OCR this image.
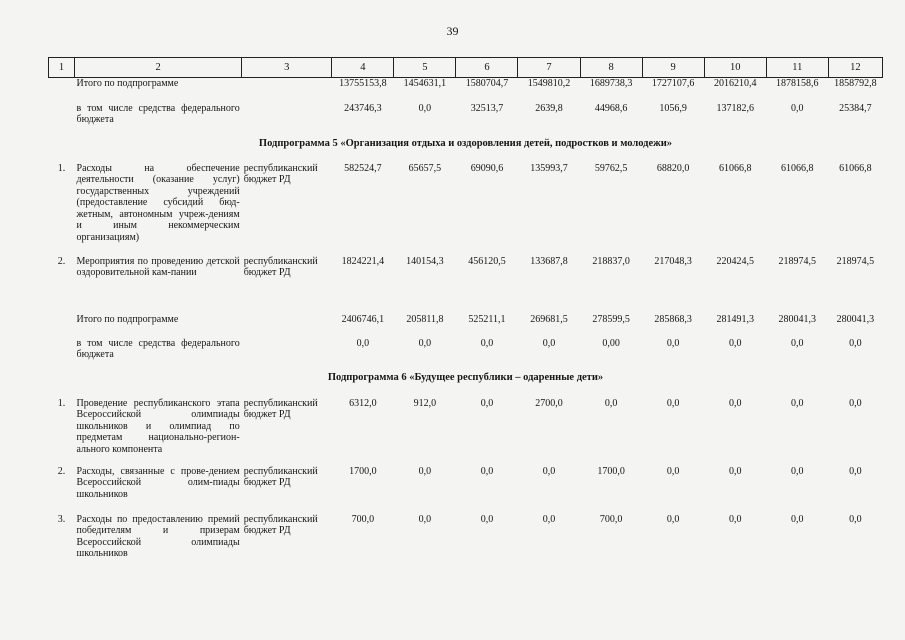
39
1	2	3	4	5	6	7	8	9	10	11	12
	Итого по подпрограмме		13755153,8	1454631,1	1580704,7	1549810,2	1689738,3	1727107,6	2016210,4	1878158,6	1858792,8
	в том числе средства федерального бюджета		243746,3	0,0	32513,7	2639,8	44968,6	1056,9	137182,6	0,0	25384,7
Подпрограмма 5 «Организация отдыха и оздоровления детей, подростков и молодежи»											
1.	Расходы на обеспечение деятельности (оказание услуг) государственных учреждений (предоставление субсидий бюд-жетным, автономным учреж-дениям и иным некоммерческим организациям)	республиканский бюджет РД	582524,7	65657,5	69090,6	135993,7	59762,5	68820,0	61066,8	61066,8	61066,8
2.	Мероприятия по проведению детской оздоровительной кам-пании	республиканский бюджет РД	1824221,4	140154,3	456120,5	133687,8	218837,0	217048,3	220424,5	218974,5	218974,5
	Итого по подпрограмме		2406746,1	205811,8	525211,1	269681,5	278599,5	285868,3	281491,3	280041,3	280041,3
	в том числе средства федерального бюджета		0,0	0,0	0,0	0,0	0,00	0,0	0,0	0,0	0,0
Подпрограмма 6 «Будущее республики – одаренные дети»											
1.	Проведение республиканского этапа Всероссийской олимпиады школьников и олимпиад по предметам национально-регион-ального компонента	республиканский бюджет РД	6312,0	912,0	0,0	2700,0	0,0	0,0	0,0	0,0	0,0
2.	Расходы, связанные с прове-дением Всероссийской олим-пиады школьников	республиканский бюджет РД	1700,0	0,0	0,0	0,0	1700,0	0,0	0,0	0,0	0,0
3.	Расходы по предоставлению премий победителям и призерам Всероссийской олимпиады школьников	республиканский бюджет РД	700,0	0,0	0,0	0,0	700,0	0,0	0,0	0,0	0,0
